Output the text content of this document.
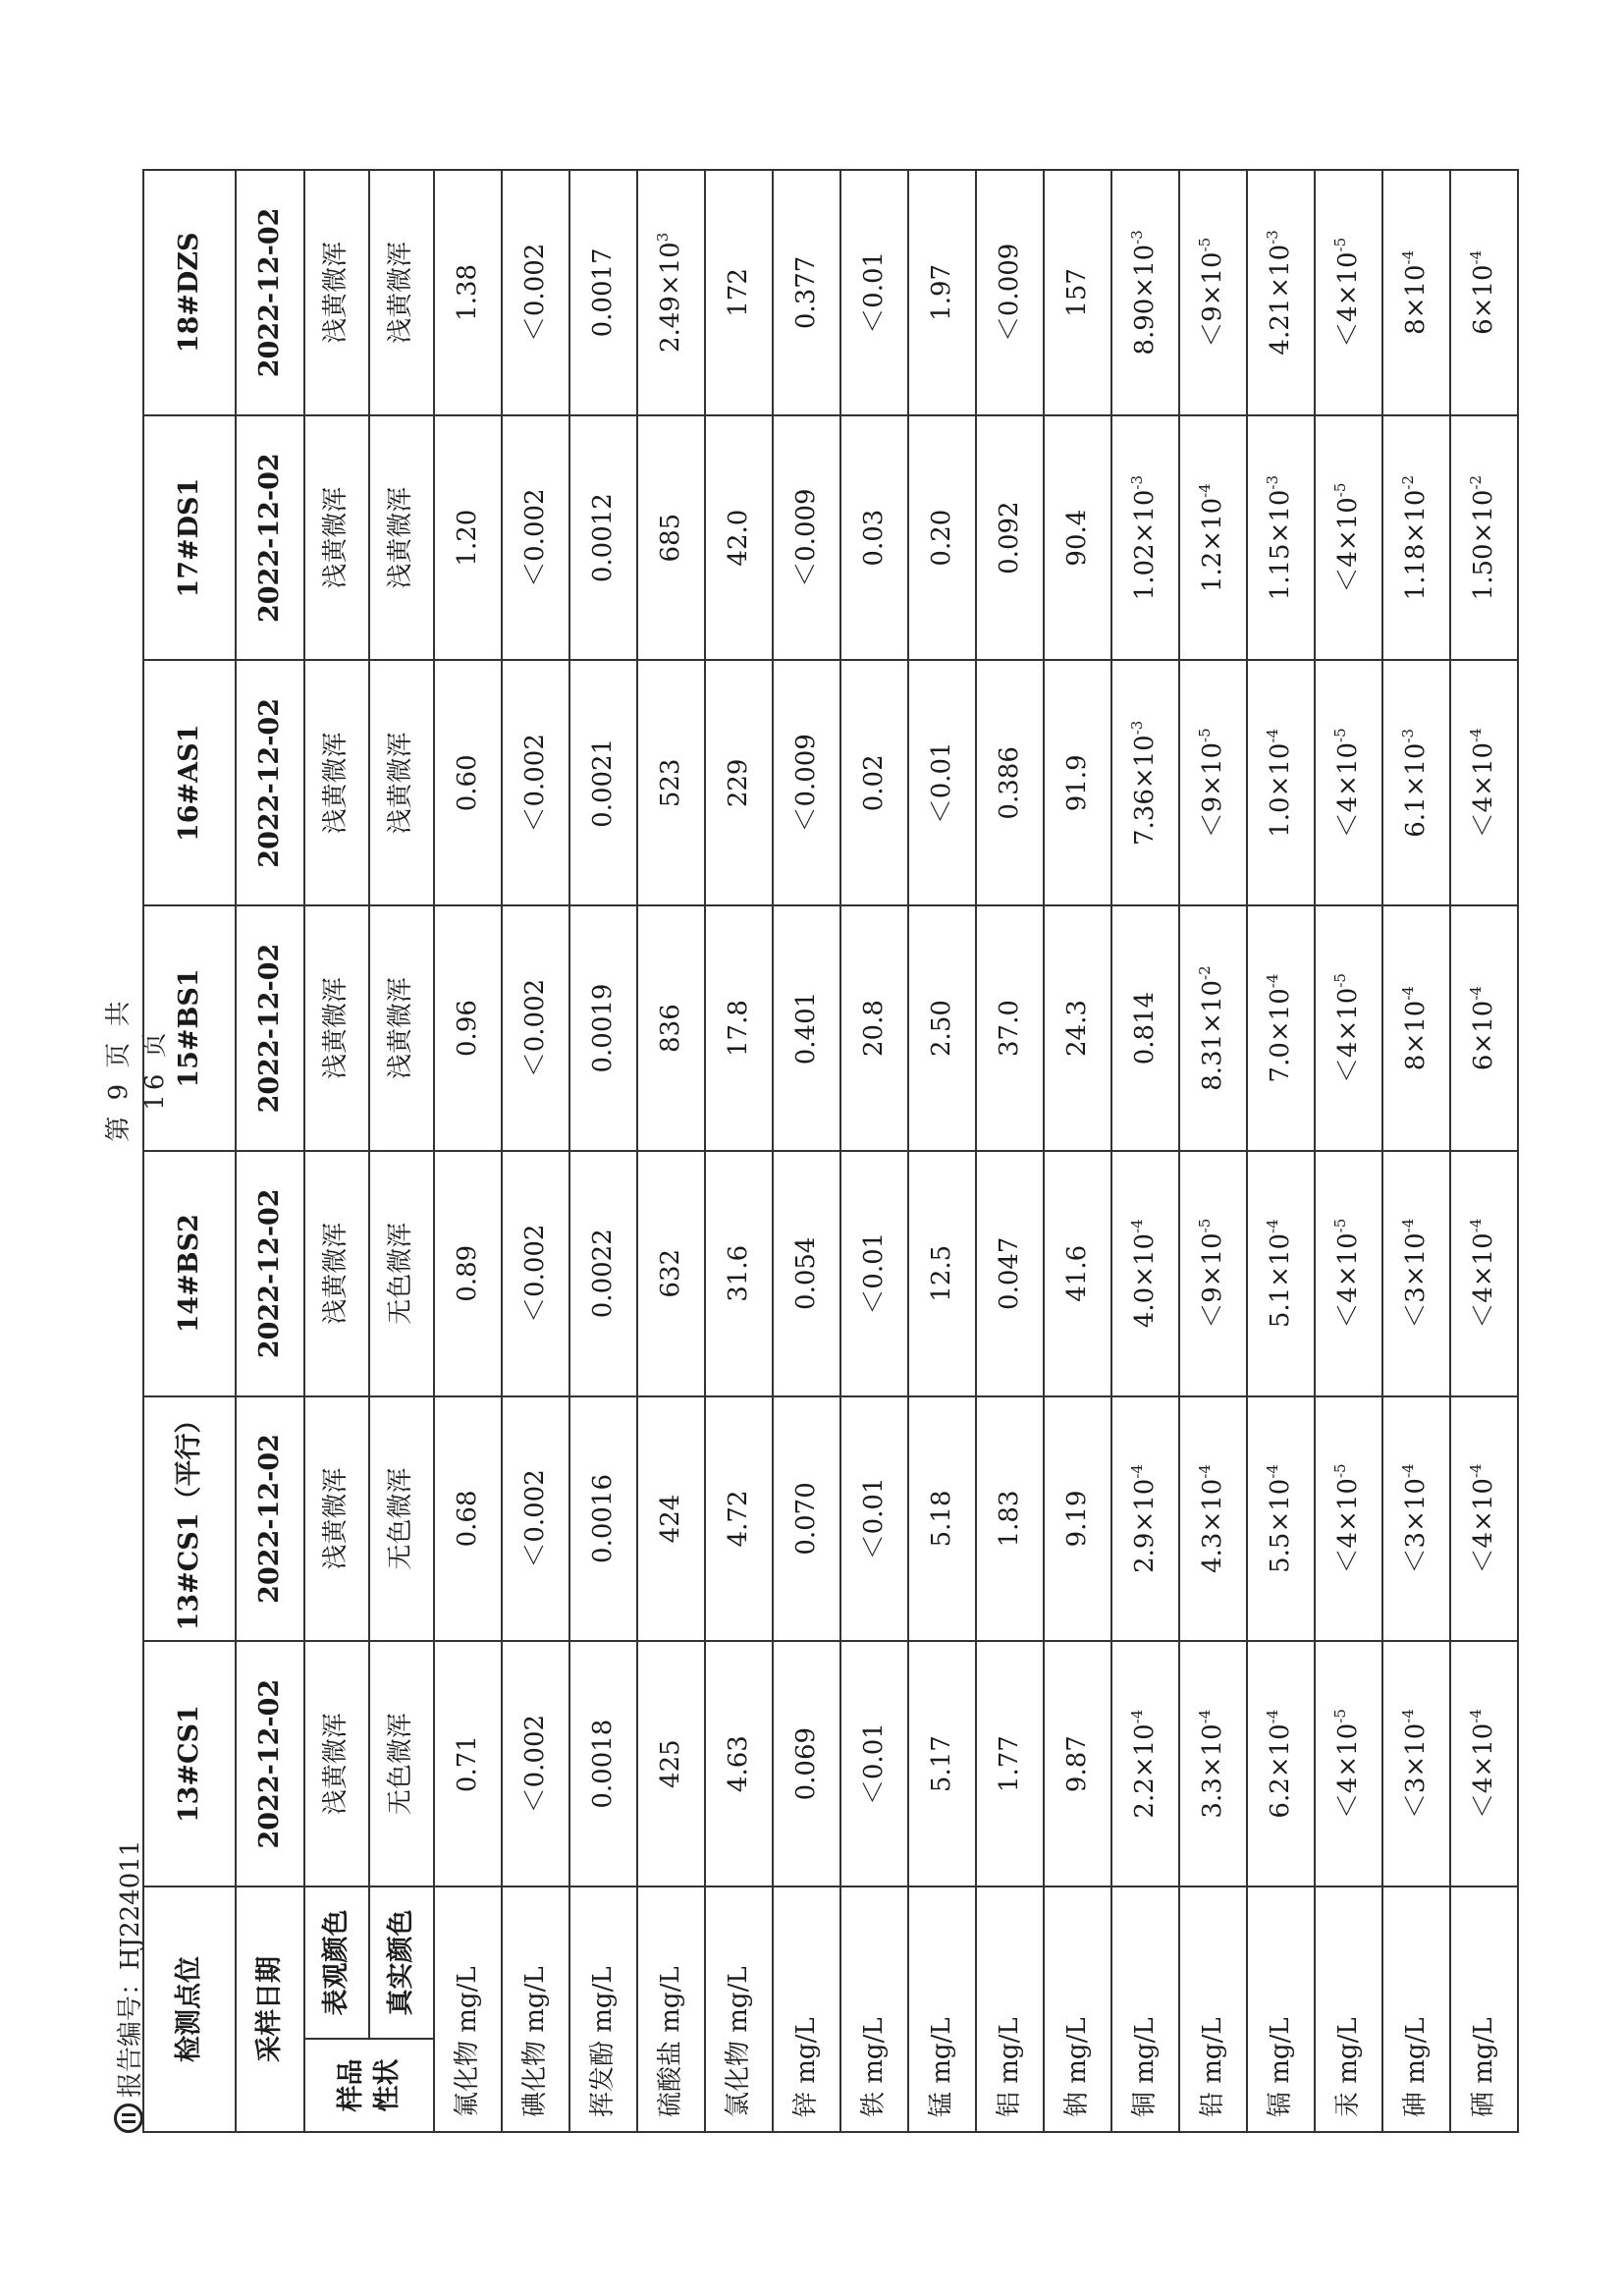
报告编号：HJ224011
第 9 页 共 16 页
检测点位		13#CS1	13#CS1（平行）	14#BS2	15#BS1	16#AS1	17#DS1	18#DZS
采样日期		2022-12-02	2022-12-02	2022-12-02	2022-12-02	2022-12-02	2022-12-02	2022-12-02

样品 性状	表观颜色	浅黄微浑	浅黄微浑	浅黄微浑	浅黄微浑	浅黄微浑	浅黄微浑	浅黄微浑
	真实颜色	无色微浑	无色微浑	无色微浑	浅黄微浑	浅黄微浑	浅黄微浑	浅黄微浑
氟化物 mg/L		0.71	0.68	0.89	0.96	0.60	1.20	1.38
碘化物 mg/L		＜0.002	＜0.002	＜0.002	＜0.002	＜0.002	＜0.002	＜0.002
挥发酚 mg/L		0.0018	0.0016	0.0022	0.0019	0.0021	0.0012	0.0017
硫酸盐 mg/L		425	424	632	836	523	685	$2.49\times 10^3$
氯化物 mg/L		4.63	4.72	31.6	17.8	229	42.0	172
锌 mg/L		0.069	0.070	0.054	0.401	＜0.009	＜0.009	0.377
铁 mg/L		＜0.01	＜0.01	＜0.01	20.8	0.02	0.03	＜0.01
锰 mg/L		5.17	5.18	12.5	2.50	＜0.01	0.20	1.97
铝 mg/L		1.77	1.83	0.047	37.0	0.386	0.092	＜0.009
钠 mg/L		9.87	9.19	41.6	24.3	91.9	90.4	157
铜 mg/L		$2.2\times 10^{-4}$	$2.9\times 10^{-4}$	$4.0\times 10^{-4}$	0.814	$7.36\times 10^{-3}$	$1.02\times 10^{-3}$	$8.90\times 10^{-3}$
铅 mg/L		$3.3\times 10^{-4}$	$4.3\times 10^{-4}$	$<9\times 10^{-5}$	$8.31\times 10^{-2}$	$<9\times 10^{-5}$	$1.2\times 10^{-4}$	$<9\times 10^{-5}$
镉 mg/L		$6.2\times 10^{-4}$	$5.5\times 10^{-4}$	$5.1\times 10^{-4}$	$7.0\times 10^{-4}$	$1.0\times 10^{-4}$	$1.15\times 10^{-3}$	$4.21\times 10^{-3}$
汞 mg/L		$<4\times 10^{-5}$	$<4\times 10^{-5}$	$<4\times 10^{-5}$	$<4\times 10^{-5}$	$<4\times 10^{-5}$	$<4\times 10^{-5}$	$<4\times 10^{-5}$
砷 mg/L		$<3\times 10^{-4}$	$<3\times 10^{-4}$	$<3\times 10^{-4}$	$8\times 10^{-4}$	$6.1\times 10^{-3}$	$1.18\times 10^{-2}$	$8\times 10^{-4}$
硒 mg/L		$<4\times 10^{-4}$	$<4\times 10^{-4}$	$<4\times 10^{-4}$	$6\times 10^{-4}$	$<4\times 10^{-4}$	$1.50\times 10^{-2}$	$6\times 10^{-4}$
